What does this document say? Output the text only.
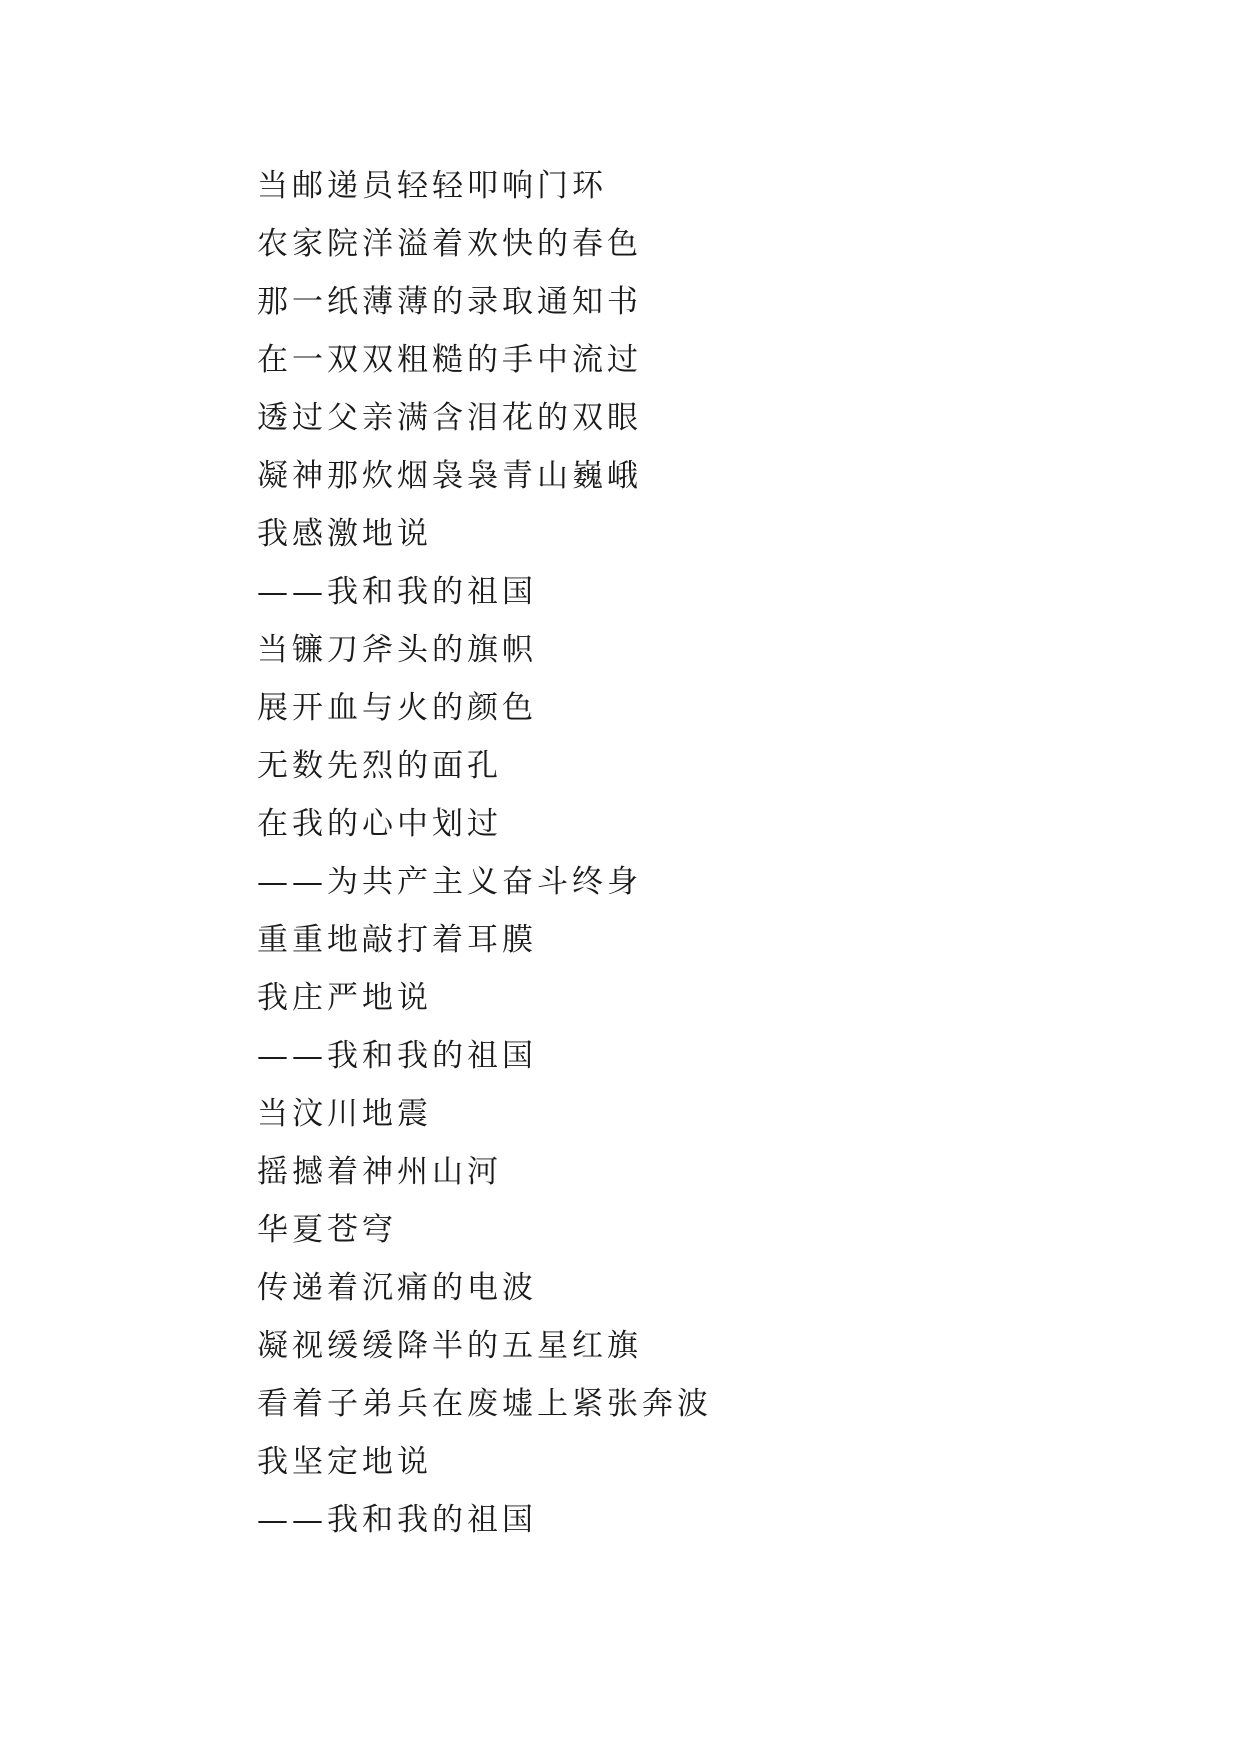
当邮递员轻轻叩响门环
农家院洋溢着欢快的春色
那一纸薄薄的录取通知书
在一双双粗糙的手中流过
透过父亲满含泪花的双眼
凝神那炊烟袅袅青山巍峨
我感激地说
——我和我的祖国
当镰刀斧头的旗帜
展开血与火的颜色
无数先烈的面孔
在我的心中划过
——为共产主义奋斗终身
重重地敲打着耳膜
我庄严地说
——我和我的祖国
当汶川地震
摇撼着神州山河
华夏苍穹
传递着沉痛的电波
凝视缓缓降半的五星红旗
看着子弟兵在废墟上紧张奔波
我坚定地说
——我和我的祖国
